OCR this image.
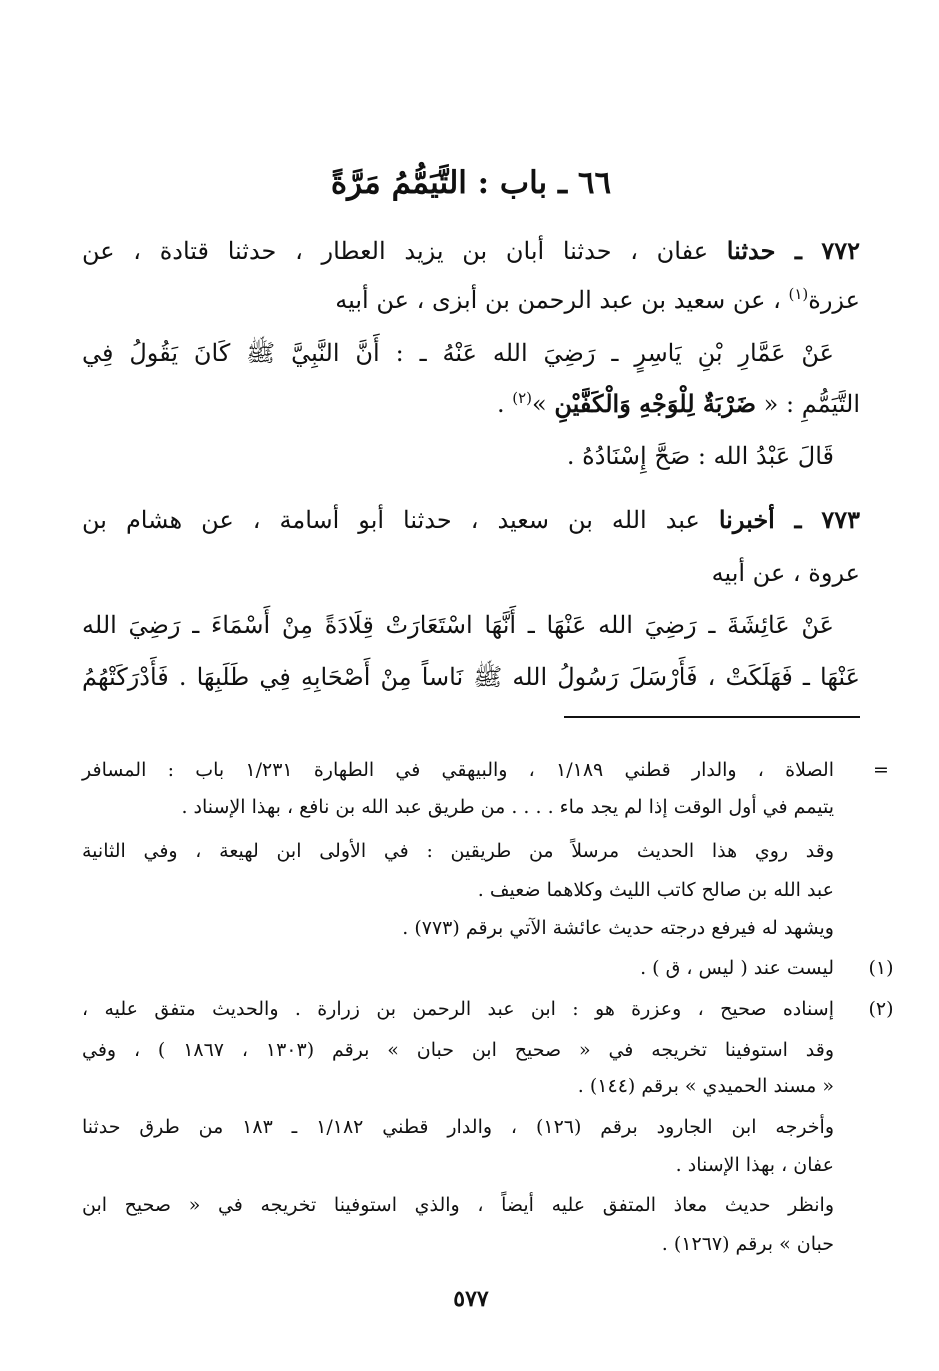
٦٦ ـ باب : التَّيَمُّمُ مَرَّةً
٧٧٢ ـ حدثنا عفان ، حدثنا أبان بن يزيد العطار ، حدثنا قتادة ، عن
عزرة$^{(١)}$ ، عن سعيد بن عبد الرحمن بن أبزى ، عن أبيه
عَنْ عَمَّارِ بْنِ يَاسِرٍ ـ رَضِيَ الله عَنْهُ ـ : أَنَّ النَّبِيَّ ﷺ كَانَ يَقُولُ فِي
التَّيَمُّمِ : « ضَرْبَةٌ لِلْوَجْهِ وَالْكَفَّيْنِ »$^{(٢)}$ .
قَالَ عَبْدُ الله : صَحَّ إِسْنَادُهُ .
٧٧٣ ـ أخبرنا عبد الله بن سعيد ، حدثنا أبو أسامة ، عن هشام بن
عروة ، عن أبيه
عَنْ عَائِشَةَ ـ رَضِيَ الله عَنْهَا ـ أَنَّهَا اسْتَعَارَتْ قِلَادَةً مِنْ أَسْمَاءَ ـ رَضِيَ الله
عَنْهَا ـ فَهَلَكَتْ ، فَأَرْسَلَ رَسُولُ الله ﷺ نَاساً مِنْ أَصْحَابِهِ فِي طَلَبِهَا . فَأَدْرَكَتْهُمُ
=
الصلاة ، والدار قطني ١/١٨٩ ، والبيهقي في الطهارة ١/٢٣١ باب : المسافر
يتيمم في أول الوقت إذا لم يجد ماء . . . . من طريق عبد الله بن نافع ، بهذا الإسناد .
وقد روي هذا الحديث مرسلاً من طريقين : في الأولى ابن لهيعة ، وفي الثانية
عبد الله بن صالح كاتب الليث وكلاهما ضعيف .
ويشهد له فيرفع درجته حديث عائشة الآتي برقم (٧٧٣) .
(١)
ليست عند ( ليس ، ق ) .
(٢)
إسناده صحيح ، وعزرة هو : ابن عبد الرحمن بن زرارة . والحديث متفق عليه ،
وقد استوفينا تخريجه في « صحيح ابن حبان » برقم (١٣٠٣ ، ١٨٦٧ ) ، وفي
« مسند الحميدي » برقم (١٤٤) .
وأخرجه ابن الجارود برقم (١٢٦) ، والدار قطني ١/١٨٢ ـ ١٨٣ من طرق حدثنا
عفان ، بهذا الإسناد .
وانظر حديث معاذ المتفق عليه أيضاً ، والذي استوفينا تخريجه في « صحيح ابن
حبان » برقم (١٢٦٧) .
٥٧٧
